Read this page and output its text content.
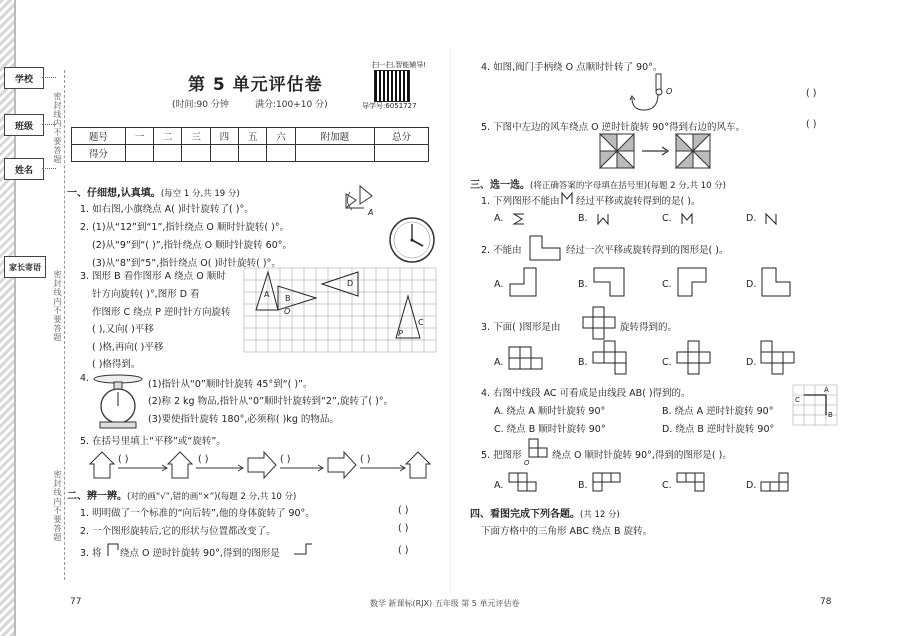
学校
班级
姓名
家长寄语
密封线内不要答题
密封线内不要答题
密封线内不要答题
第 5 单元评估卷
(时间:90 分钟	满分:100+10 分)
扫一扫,智能辅导!
导学号:6051727
题号	一	二	三	四	五	六	附加题	总分
得分								
一、仔细想,认真填。(每空 1 分,共 19 分)
1. 如右图,小旗绕点 A( )时针旋转了( )°。
2. (1)从“12”到“1”,指针绕点 O 顺时针旋转( )°。
(2)从“9”到“( )”,指针绕点 O 顺时针旋转 60°。
(3)从“8”到“5”,指针绕点 O( )时针旋转( )°。
3. 图形 B 看作图形 A 绕点 O 顺时
针方向旋转( )°,图形 D 看
作图形 C 绕点 P 逆时针方向旋转
( ),又向( )平移
( )格,再向( )平移
( )格得到。
4.
(1)指针从“0”顺时针旋转 45°到“( )”。
(2)称 2 kg 物品,指针从“0”顺时针旋转到“2”,旋转了( )°。
(3)要使指针旋转 180°,必须称( )kg 的物品。
5. 在括号里填上“平移”或“旋转”。
A
A B
C
D
O
P
( )	( )	( )	( )
二、辨一辨。(对的画“√”,错的画“×”)(每题 2 分,共 10 分)
1. 明明做了一个标准的“向后转”,他的身体旋转了 90°。	( )
2. 一个图形旋转后,它的形状与位置都改变了。	( )
3. 将 绕点 O 逆时针旋转 90°,得到的图形是	( )
4. 如图,阀门手柄绕 O 点顺时针转了 90°。
O	( )
5. 下图中左边的风车绕点 O 逆时针旋转 90°得到右边的风车。	( )
三、选一选。(将正确答案的字母填在括号里)(每题 2 分,共 10 分)
1. 下列图形不能由 经过平移或旋转得到的是( )。
A.	B.	C.	D.
2. 不能由	经过一次平移或旋转得到的图形是( )。
A.	B.	C.	D.
3. 下面( )图形是由	旋转得到的。
A.	B.	C.	D.
4. 右图中线段 AC 可看成是由线段 AB( )得到的。
A. 绕点 A 顺时针旋转 90°	B. 绕点 A 逆时针旋转 90°
C. 绕点 B 顺时针旋转 90°	D. 绕点 B 逆时针旋转 90°
A
B
C
5. 把图形
O
绕点 O 顺时针旋转 90°,得到的图形是( )。
A.	B.	C.	D.
四、看图完成下列各题。(共 12 分)
下面方格中的三角形 ABC 绕点 B 旋转。
77	数学 新课标(RJX) 五年级 第 5 单元评估卷	78
